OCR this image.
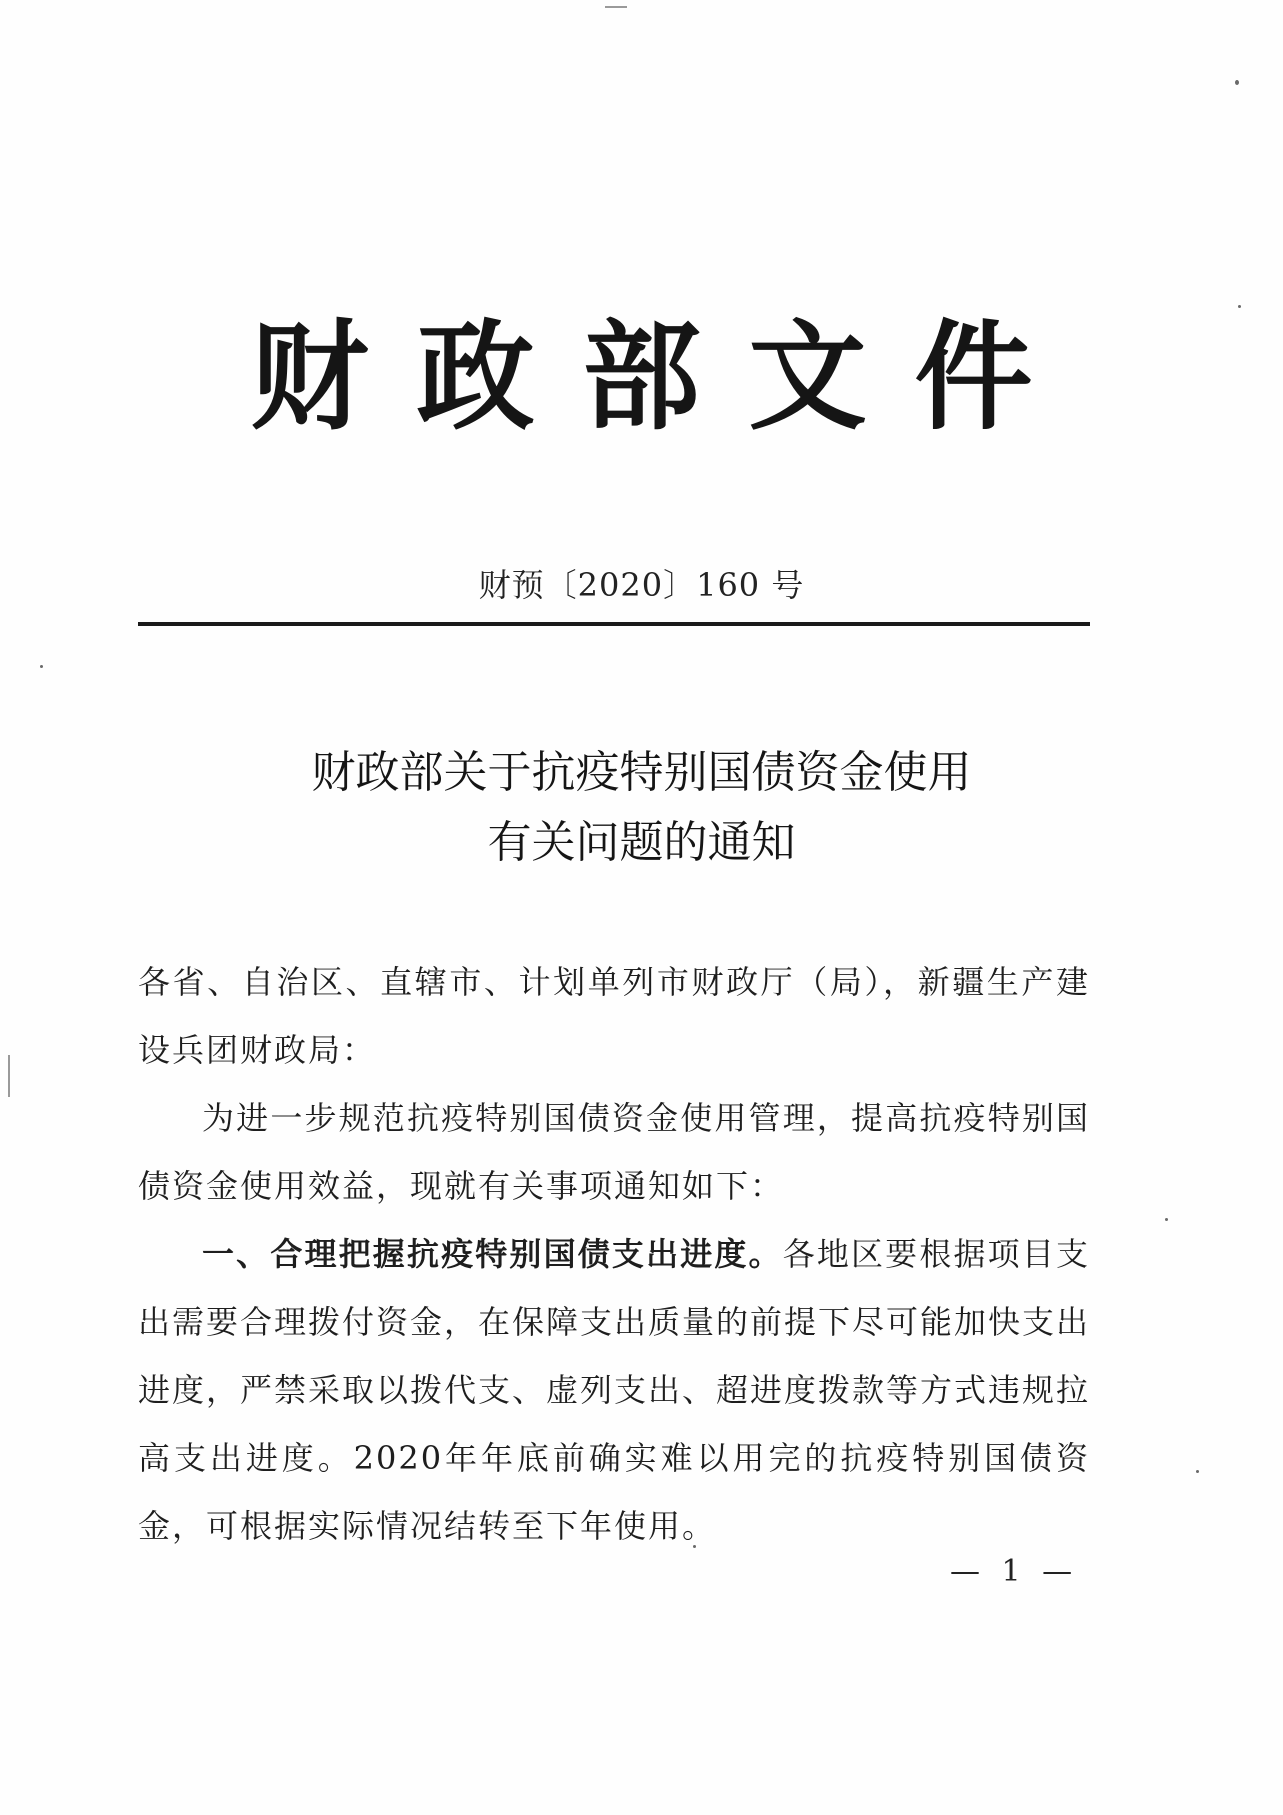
财政部文件
财预〔2020〕160 号
财政部关于抗疫特别国债资金使用
有关问题的通知

各省、自治区、直辖市、计划单列市财政厅（局），新疆生产建设兵团财政局：

为进一步规范抗疫特别国债资金使用管理，提高抗疫特别国债资金使用效益，现就有关事项通知如下：

一、合理把握抗疫特别国债支出进度。各地区要根据项目支出需要合理拨付资金，在保障支出质量的前提下尽可能加快支出进度，严禁采取以拨代支、虚列支出、超进度拨款等方式违规拉高支出进度。2020年年底前确实难以用完的抗疫特别国债资金，可根据实际情况结转至下年使用。

— 1 —
